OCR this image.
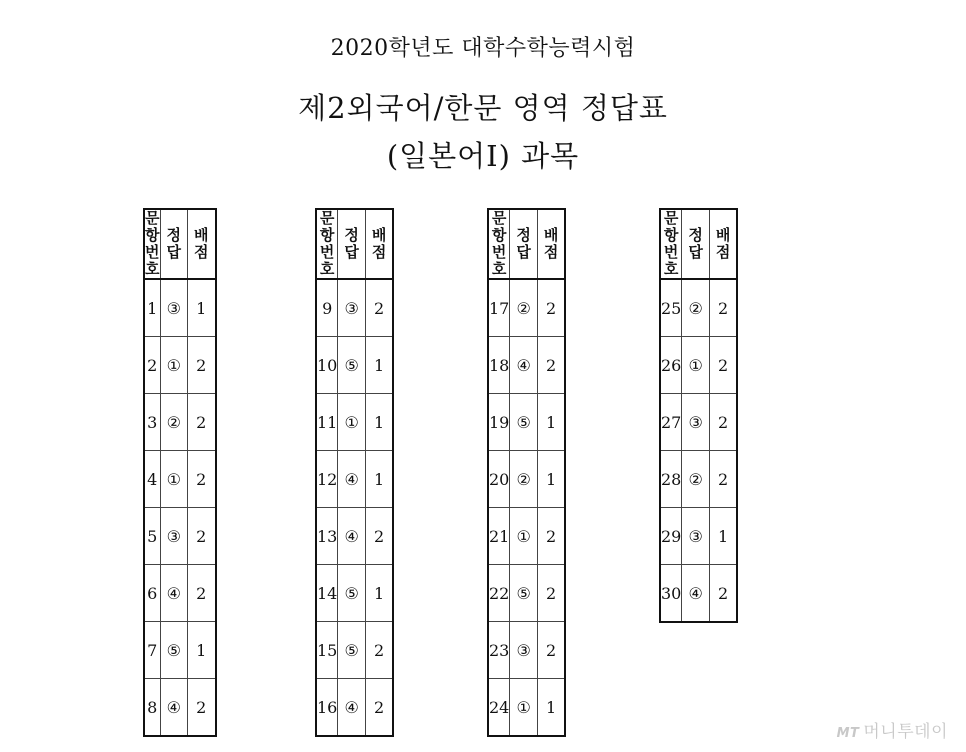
2020학년도 대학수학능력시험
제2외국어/한문 영역 정답표
(일본어Ⅰ) 과목
문항
번호	정 답	배 점
1	③	1
2	①	2
3	②	2
4	①	2
5	③	2
6	④	2
7	⑤	1
8	④	2
문항
번호	정 답	배 점
9	③	2
10	⑤	1
11	①	1
12	④	1
13	④	2
14	⑤	1
15	⑤	2
16	④	2
문항
번호	정 답	배 점
17	②	2
18	④	2
19	⑤	1
20	②	1
21	①	2
22	⑤	2
23	③	2
24	①	1
문항
번호	정 답	배 점
25	②	2
26	①	2
27	③	2
28	②	2
29	③	1
30	④	2
MT 머니투데이
